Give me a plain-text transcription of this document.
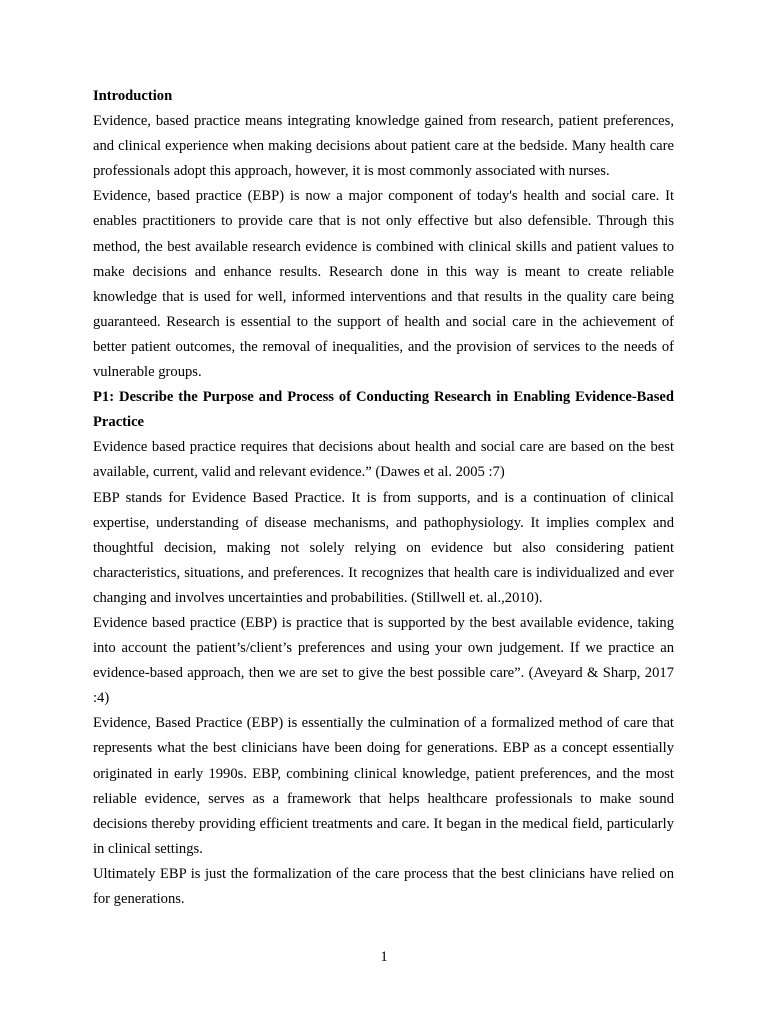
Introduction

Evidence, based practice means integrating knowledge gained from research, patient preferences, and clinical experience when making decisions about patient care at the bedside. Many health care professionals adopt this approach, however, it is most commonly associated with nurses.

Evidence, based practice (EBP) is now a major component of today's health and social care. It enables practitioners to provide care that is not only effective but also defensible. Through this method, the best available research evidence is combined with clinical skills and patient values to make decisions and enhance results. Research done in this way is meant to create reliable knowledge that is used for well, informed interventions and that results in the quality care being guaranteed. Research is essential to the support of health and social care in the achievement of better patient outcomes, the removal of inequalities, and the provision of services to the needs of vulnerable groups.

P1: Describe the Purpose and Process of Conducting Research in Enabling Evidence-Based Practice

Evidence based practice requires that decisions about health and social care are based on the best available, current, valid and relevant evidence.” (Dawes et al. 2005 :7)

EBP stands for Evidence Based Practice. It is from supports, and is a continuation of clinical expertise, understanding of disease mechanisms, and pathophysiology. It implies complex and thoughtful decision, making not solely relying on evidence but also considering patient characteristics, situations, and preferences. It recognizes that health care is individualized and ever changing and involves uncertainties and probabilities. (Stillwell et. al.,2010).

Evidence based practice (EBP) is practice that is supported by the best available evidence, taking into account the patient’s/client’s preferences and using your own judgement. If we practice an evidence-based approach, then we are set to give the best possible care”. (Aveyard & Sharp, 2017 :4)

Evidence, Based Practice (EBP) is essentially the culmination of a formalized method of care that represents what the best clinicians have been doing for generations. EBP as a concept essentially originated in early 1990s. EBP, combining clinical knowledge, patient preferences, and the most reliable evidence, serves as a framework that helps healthcare professionals to make sound decisions thereby providing efficient treatments and care. It began in the medical field, particularly in clinical settings.

Ultimately EBP is just the formalization of the care process that the best clinicians have relied on for generations.

1
